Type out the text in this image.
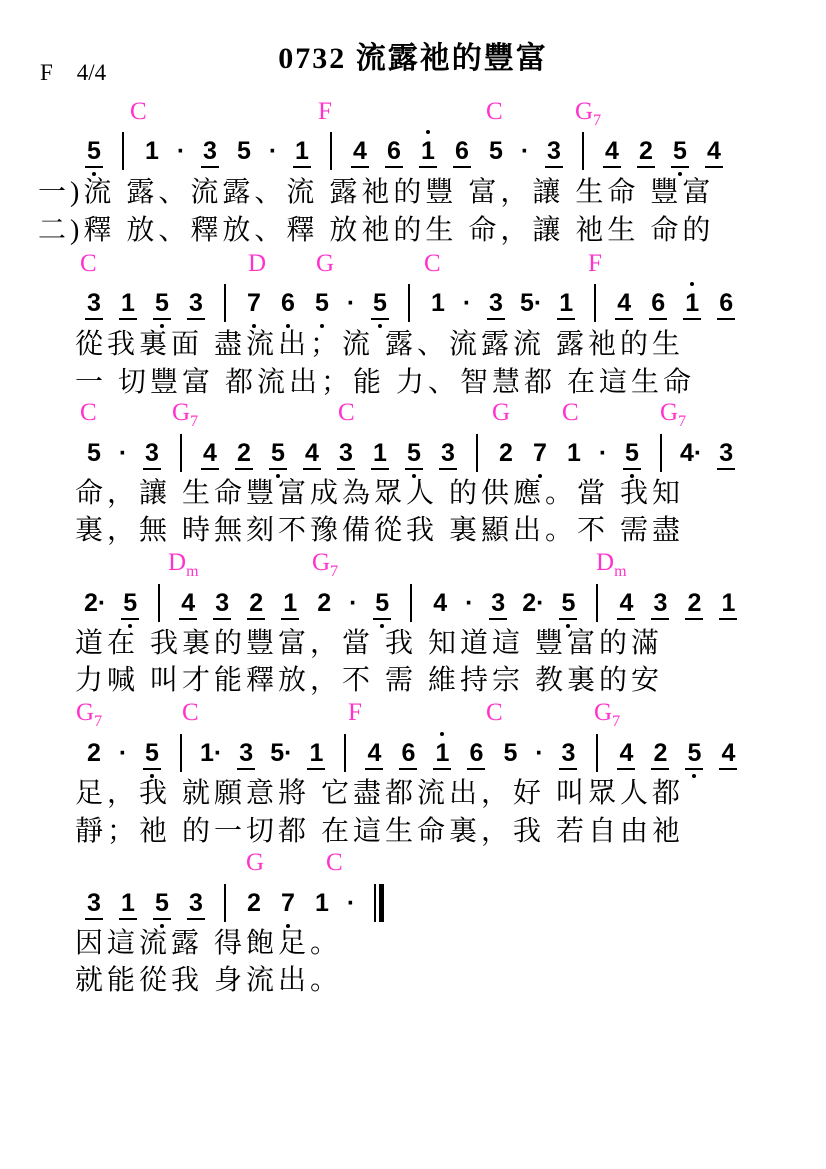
0732 流露祂的豐富
F 4/4
C	F	C	$G_7$
5 1 · 3 5 · 1 4 6 1 6 5 · 3 4 2 5 4
一)流 露、流露、流 露祂的豐 富，讓 生命 豐富
二)釋 放、釋放、釋 放祂的生 命，讓 祂生 命的
C	D G	C	F
3 1 5 3 7 6 5 · 5 1 · 3 5· 1 4 6 1 6
從我裏面 盡流出；流 露、流露流 露祂的生
一 切豐富 都流出；能 力、智慧都 在這生命
C	$G_7$	C	G C	$G_7$
5 · 3 4 2 5 4 3 1 5 3 2 7 1 · 5 4· 3
命，讓 生命豐富成為眾人 的供應。當 我知
裏，無 時無刻不豫備從我 裏顯出。不 需盡
$D_m$	$G_7$	$D_m$
2· 5 4 3 2 1 2 · 5 4 · 3 2· 5 4 3 2 1
道在 我裏的豐富，當 我 知道這 豐富的滿
力喊 叫才能釋放，不 需 維持宗 教裏的安
$G_7$	C	F	C	$G_7$
2 · 5 1· 3 5· 1 4 6 1 6 5 · 3 4 2 5 4
足，我 就願意將 它盡都流出，好 叫眾人都
靜；祂 的一切都 在這生命裏，我 若自由祂
G C
3 1 5 3 2 7 1 ·
因這流露 得飽足。
就能從我 身流出。
